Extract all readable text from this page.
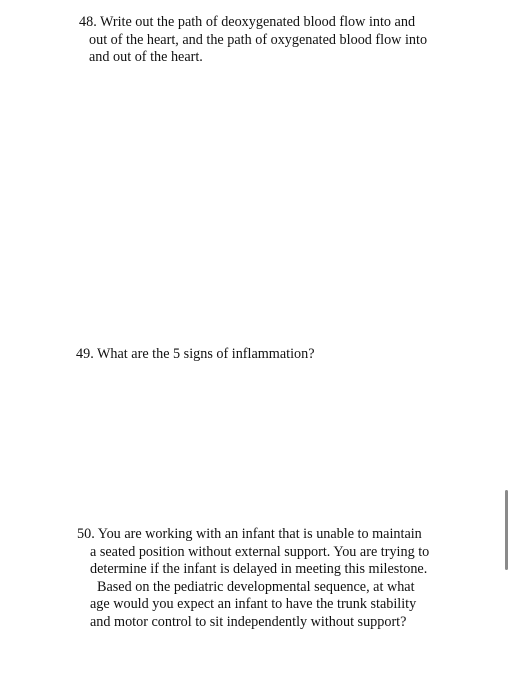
48. Write out the path of deoxygenated blood flow into and
out of the heart, and the path of oxygenated blood flow into
and out of the heart.
49. What are the 5 signs of inflammation?
50. You are working with an infant that is unable to maintain
a seated position without external support. You are trying to
determine if the infant is delayed in meeting this milestone.
Based on the pediatric developmental sequence, at what
age would you expect an infant to have the trunk stability
and motor control to sit independently without support?
